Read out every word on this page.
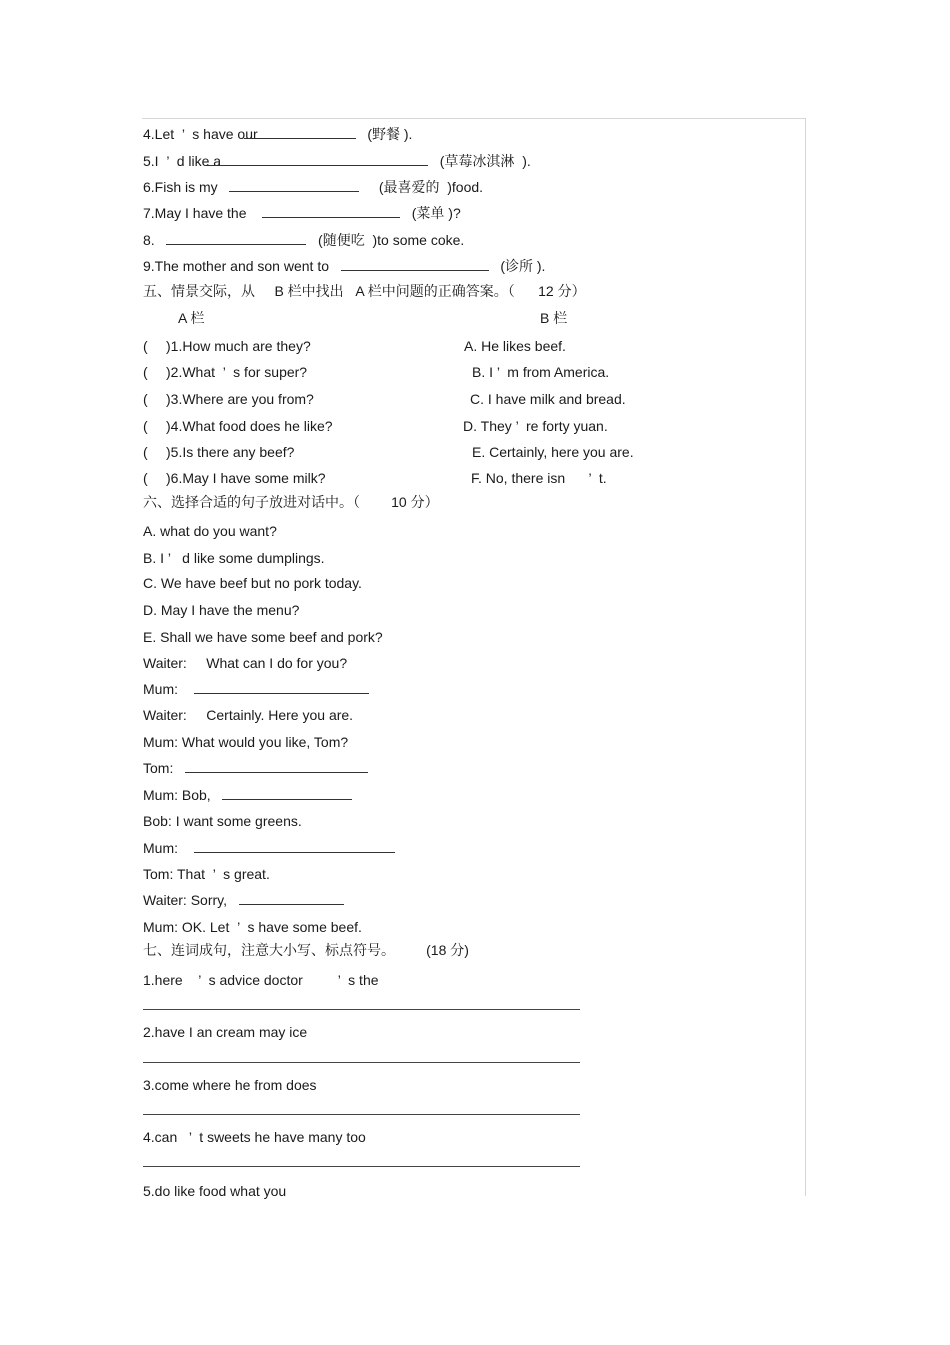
4.Let  ’  s have our	(野餐 ).
5.I  ’  d like a	(草莓冰淇淋  ).
6.Fish is my	(最喜爱的  )food.
7.May I have the	(菜单 )?
8.	(随便吃  )to some coke.
9.The mother and son went to	(诊所 ).
五、情景交际，从     B 栏中找出   A 栏中问题的正确答案。（      12 分）
A 栏	B 栏
( )1.How much are they?	A. He likes beef.
( )2.What  ’  s for super?	B. I ’  m from America.
( )3.Where are you from?	C. I have milk and bread.
( )4.What food does he like?	D. They ’  re forty yuan.
( )5.Is there any beef?	E. Certainly, here you are.
( )6.May I have some milk?	F. No, there isn      ’  t.
六、选择合适的句子放进对话中。（        10 分）
A. what do you want?
B. I ’   d like some dumplings.
C. We have beef but no pork today.
D. May I have the menu?
E. Shall we have some beef and pork?
Waiter:     What can I do for you?
Mum:
Waiter:     Certainly. Here you are.
Mum: What would you like, Tom?
Tom:
Mum: Bob,
Bob: I want some greens.
Mum:
Tom: That  ’  s great.
Waiter: Sorry,
Mum: OK. Let  ’  s have some beef.
七、连词成句，注意大小写、标点符号。        (18 分)
1.here    ’  s advice doctor         ’  s the
2.have I an cream may ice
3.come where he from does
4.can   ’  t sweets he have many too
5.do like food what you
